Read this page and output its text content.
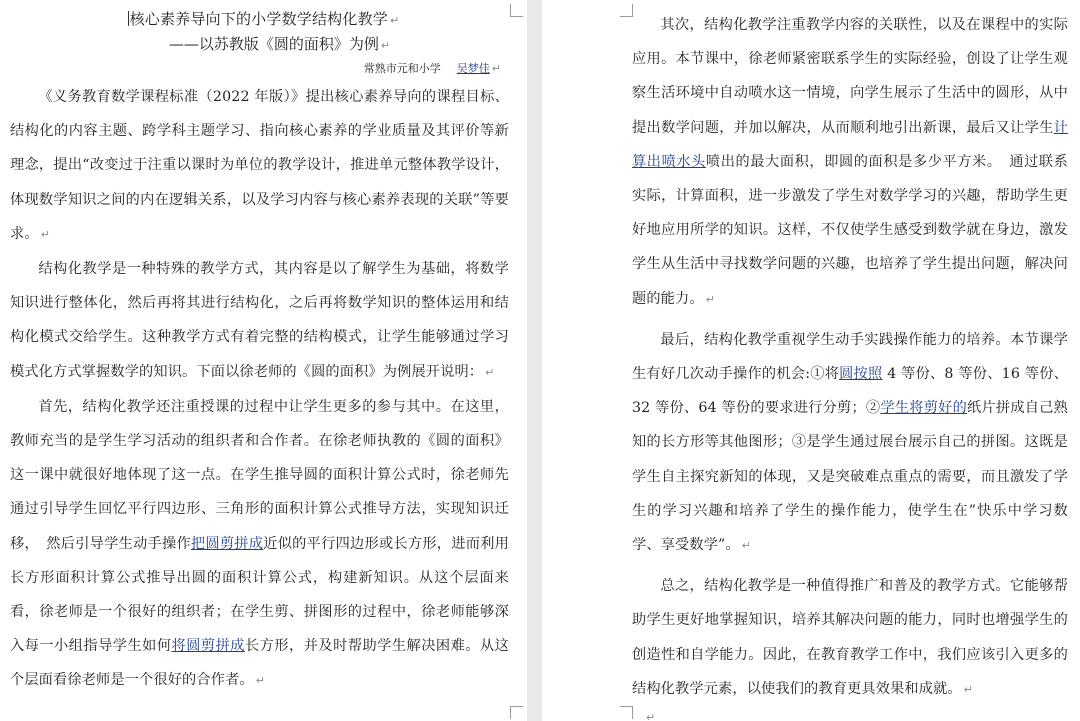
核心素养导向下的小学数学结构化教学 ↵

——以苏教版《圆的面积》为例 ↵

常熟市元和小学 吴梦佳 ↵

《义务教育数学课程标准（2022 年版）》提出核心素养导向的课程目标、结构化的内容主题、跨学科主题学习、指向核心素养的学业质量及其评价等新理念，提出“改变过于注重以课时为单位的教学设计，推进单元整体教学设计，体现数学知识之间的内在逻辑关系，以及学习内容与核心素养表现的关联”等要求。 ↵

结构化教学是一种特殊的教学方式，其内容是以了解学生为基础，将数学知识进行整体化，然后再将其进行结构化，之后再将数学知识的整体运用和结构化模式交给学生。这种教学方式有着完整的结构模式，让学生能够通过学习模式化方式掌握数学的知识。下面以徐老师的《圆的面积》为例展开说明： ↵

首先，结构化教学还注重授课的过程中让学生更多的参与其中。在这里，教师充当的是学生学习活动的组织者和合作者。在徐老师执教的《圆的面积》这一课中就很好地体现了这一点。在学生推导圆的面积计算公式时，徐老师先通过引导学生回忆平行四边形、三角形的面积计算公式推导方法，实现知识迁移，　然后引导学生动手操作把圆剪拼成近似的平行四边形或长方形，进而利用长方形面积计算公式推导出圆的面积计算公式，构建新知识。从这个层面来看，徐老师是一个很好的组织者；在学生剪、拼图形的过程中，徐老师能够深入每一小组指导学生如何将圆剪拼成长方形，并及时帮助学生解决困难。从这个层面看徐老师是一个很好的合作者。 ↵

其次，结构化教学注重教学内容的关联性，以及在课程中的实际应用。本节课中，徐老师紧密联系学生的实际经验，创设了让学生观察生活环境中自动喷水这一情境，向学生展示了生活中的圆形，从中提出数学问题，并加以解决，从而顺利地引出新课，最后又让学生计算出喷水头喷出的最大面积，即圆的面积是多少平方米。　通过联系实际，计算面积，进一步激发了学生对数学学习的兴趣，帮助学生更好地应用所学的知识。这样，不仅使学生感受到数学就在身边，激发学生从生活中寻找数学问题的兴趣，也培养了学生提出问题，解决问题的能力。 ↵

最后，结构化教学重视学生动手实践操作能力的培养。本节课学生有好几次动手操作的机会:①将圆按照 4 等份、8 等份、16 等份、32 等份、64 等份的要求进行分剪；②学生将剪好的纸片拼成自己熟知的长方形等其他图形；③是学生通过展台展示自己的拼图。这既是学生自主探究新知的体现，又是突破难点重点的需要，而且激发了学生的学习兴趣和培养了学生的操作能力，使学生在”快乐中学习数学、享受数学”。 ↵

总之，结构化教学是一种值得推广和普及的教学方式。它能够帮助学生更好地掌握知识，培养其解决问题的能力，同时也增强学生的创造性和自学能力。因此，在教育教学工作中，我们应该引入更多的结构化教学元素，以使我们的教育更具效果和成就。 ↵

↵
